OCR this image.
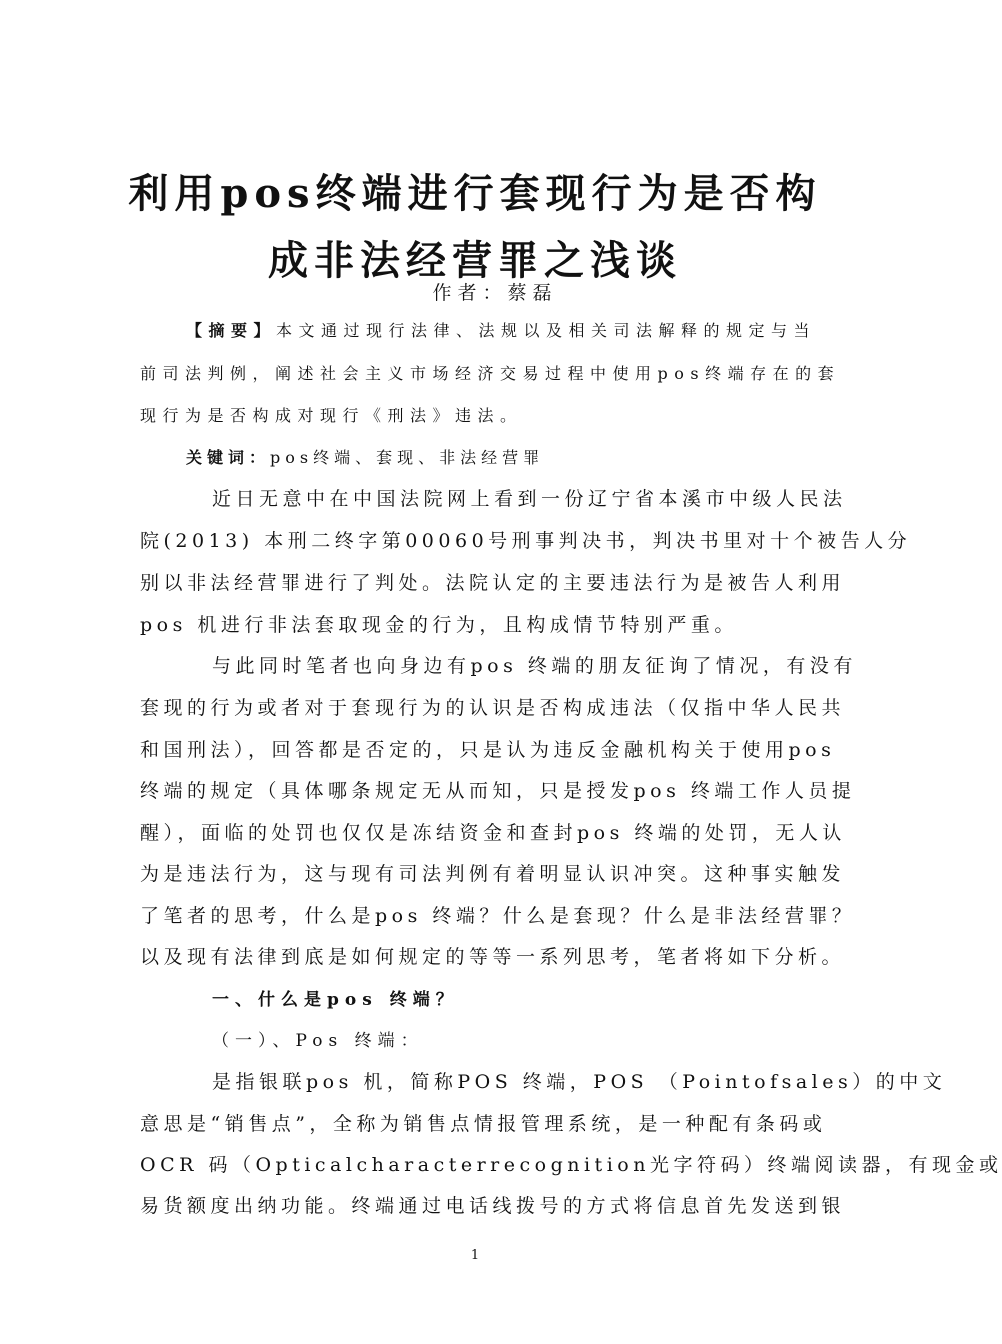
利用pos终端进行套现行为是否构
成非法经营罪之浅谈
作者：蔡磊
【摘要】本文通过现行法律、法规以及相关司法解释的规定与当
前司法判例，阐述社会主义市场经济交易过程中使用pos终端存在的套
现行为是否构成对现行《刑法》违法。
关键词：pos终端、套现、非法经营罪
近日无意中在中国法院网上看到一份辽宁省本溪市中级人民法
院(2013) 本刑二终字第00060号刑事判决书，判决书里对十个被告人分
别以非法经营罪进行了判处。法院认定的主要违法行为是被告人利用
pos 机进行非法套取现金的行为，且构成情节特别严重。
与此同时笔者也向身边有pos 终端的朋友征询了情况，有没有
套现的行为或者对于套现行为的认识是否构成违法（仅指中华人民共
和国刑法），回答都是否定的，只是认为违反金融机构关于使用pos
终端的规定（具体哪条规定无从而知，只是授发pos 终端工作人员提
醒），面临的处罚也仅仅是冻结资金和查封pos 终端的处罚，无人认
为是违法行为，这与现有司法判例有着明显认识冲突。这种事实触发
了笔者的思考，什么是pos 终端？什么是套现？什么是非法经营罪？
以及现有法律到底是如何规定的等等一系列思考，笔者将如下分析。
一、什么是pos 终端？
（一）、Pos 终端：
是指银联pos 机，简称POS 终端，POS （Pointofsales）的中文
意思是“销售点”，全称为销售点情报管理系统，是一种配有条码或
OCR 码（Opticalcharacterrecognition光字符码）终端阅读器，有现金或
易货额度出纳功能。终端通过电话线拨号的方式将信息首先发送到银
1
